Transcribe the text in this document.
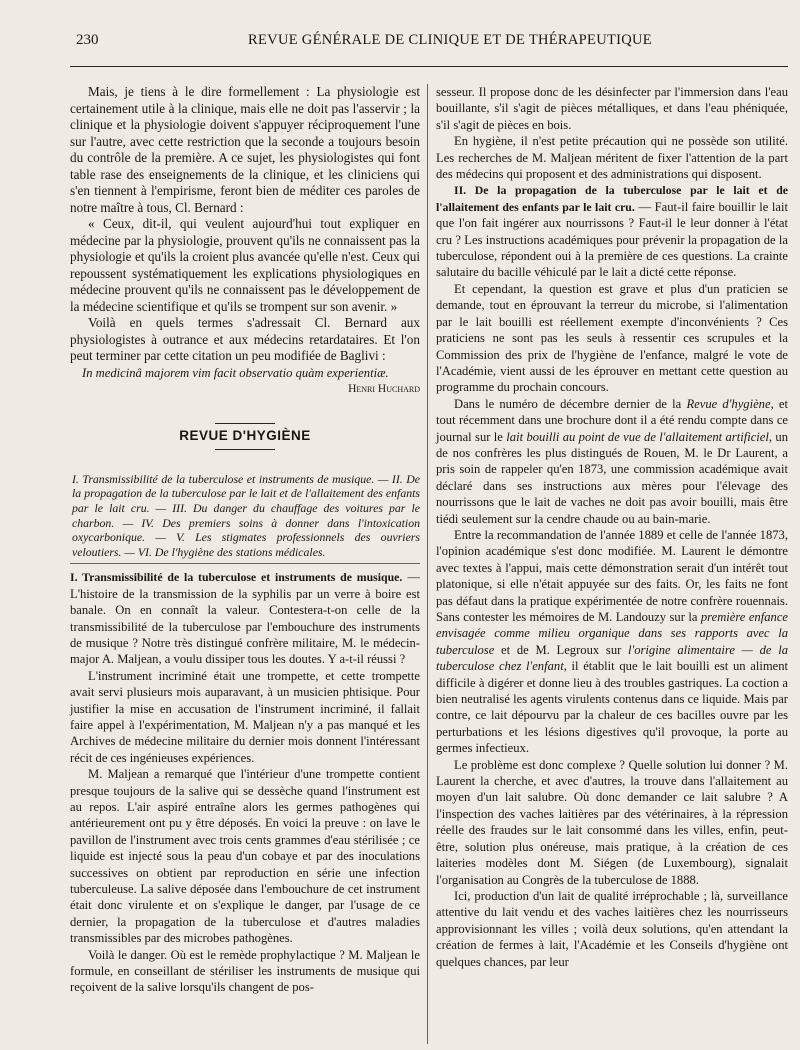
230	REVUE GÉNÉRALE DE CLINIQUE ET DE THÉRAPEUTIQUE

Mais, je tiens à le dire formellement : La physiologie est certainement utile à la clinique, mais elle ne doit pas l'asservir ; la clinique et la physiologie doivent s'appuyer réciproquement l'une sur l'autre, avec cette restriction que la seconde a toujours besoin du contrôle de la première. A ce sujet, les physiologistes qui font table rase des enseignements de la clinique, et les cliniciens qui s'en tiennent à l'empirisme, feront bien de méditer ces paroles de notre maître à tous, Cl. Bernard :

« Ceux, dit-il, qui veulent aujourd'hui tout expliquer en médecine par la physiologie, prouvent qu'ils ne connaissent pas la physiologie et qu'ils la croient plus avancée qu'elle n'est. Ceux qui repoussent systématiquement les explications physiologiques en médecine prouvent qu'ils ne connaissent pas le développement de la médecine scientifique et qu'ils se trompent sur son avenir. »

Voilà en quels termes s'adressait Cl. Bernard aux physiologistes à outrance et aux médecins retardataires. Et l'on peut terminer par cette citation un peu modifiée de Baglivi :

In medicinâ majorem vim facit observatio quàm experientiæ.

Henri Huchard

REVUE D'HYGIÈNE

I. Transmissibilité de la tuberculose et instruments de musique. — II. De la propagation de la tuberculose par le lait et de l'allaitement des enfants par le lait cru. — III. Du danger du chauffage des voitures par le charbon. — IV. Des premiers soins à donner dans l'intoxication oxycarbonique. — V. Les stigmates professionnels des ouvriers veloutiers. — VI. De l'hygiène des stations médicales.

I. Transmissibilité de la tuberculose et instruments de musique. — L'histoire de la transmission de la syphilis par un verre à boire est banale. On en connaît la valeur. Contestera-t-on celle de la transmissibilité de la tuberculose par l'embouchure des instruments de musique ? Notre très distingué confrère militaire, M. le médecin-major A. Maljean, a voulu dissiper tous les doutes. Y a-t-il réussi ?

L'instrument incriminé était une trompette, et cette trompette avait servi plusieurs mois auparavant, à un musicien phtisique. Pour justifier la mise en accusation de l'instrument incriminé, il fallait faire appel à l'expérimentation, M. Maljean n'y a pas manqué et les Archives de médecine militaire du dernier mois donnent l'intéressant récit de ces ingénieuses expériences.

M. Maljean a remarqué que l'intérieur d'une trompette contient presque toujours de la salive qui se dessèche quand l'instrument est au repos. L'air aspiré entraîne alors les germes pathogènes qui antérieurement ont pu y être déposés. En voici la preuve : on lave le pavillon de l'instrument avec trois cents grammes d'eau stérilisée ; ce liquide est injecté sous la peau d'un cobaye et par des inoculations successives on obtient par reproduction en série une infection tuberculeuse. La salive déposée dans l'embouchure de cet instrument était donc virulente et on s'explique le danger, par l'usage de ce dernier, la propagation de la tuberculose et d'autres maladies transmissibles par des microbes pathogènes.

Voilà le danger. Où est le remède prophylactique ? M. Maljean le formule, en conseillant de stériliser les instruments de musique qui reçoivent de la salive lorsqu'ils changent de pos-

sesseur. Il propose donc de les désinfecter par l'immersion dans l'eau bouillante, s'il s'agit de pièces métalliques, et dans l'eau phéniquée, s'il s'agit de pièces en bois.

En hygiène, il n'est petite précaution qui ne possède son utilité. Les recherches de M. Maljean méritent de fixer l'attention de la part des médecins qui proposent et des administrations qui disposent.

II. De la propagation de la tuberculose par le lait et de l'allaitement des enfants par le lait cru. — Faut-il faire bouillir le lait que l'on fait ingérer aux nourrissons ? Faut-il le leur donner à l'état cru ? Les instructions académiques pour prévenir la propagation de la tuberculose, répondent oui à la première de ces questions. La crainte salutaire du bacille véhiculé par le lait a dicté cette réponse.

Et cependant, la question est grave et plus d'un praticien se demande, tout en éprouvant la terreur du microbe, si l'alimentation par le lait bouilli est réellement exempte d'inconvénients ? Ces praticiens ne sont pas les seuls à ressentir ces scrupules et la Commission des prix de l'hygiène de l'enfance, malgré le vote de l'Académie, vient aussi de les éprouver en mettant cette question au programme du prochain concours.

Dans le numéro de décembre dernier de la Revue d'hygiène, et tout récemment dans une brochure dont il a été rendu compte dans ce journal sur le lait bouilli au point de vue de l'allaitement artificiel, un de nos confrères les plus distingués de Rouen, M. le Dr Laurent, a pris soin de rappeler qu'en 1873, une commission académique avait déclaré dans ses instructions aux mères pour l'élevage des nourrissons que le lait de vaches ne doit pas avoir bouilli, mais être tiédi seulement sur la cendre chaude ou au bain-marie.

Entre la recommandation de l'année 1889 et celle de l'année 1873, l'opinion académique s'est donc modifiée. M. Laurent le démontre avec textes à l'appui, mais cette démonstration serait d'un intérêt tout platonique, si elle n'était appuyée sur des faits. Or, les faits ne font pas défaut dans la pratique expérimentée de notre confrère rouennais. Sans contester les mémoires de M. Landouzy sur la première enfance envisagée comme milieu organique dans ses rapports avec la tuberculose et de M. Legroux sur l'origine alimentaire — de la tuberculose chez l'enfant, il établit que le lait bouilli est un aliment difficile à digérer et donne lieu à des troubles gastriques. La coction a bien neutralisé les agents virulents contenus dans ce liquide. Mais par contre, ce lait dépourvu par la chaleur de ces bacilles ouvre par les perturbations et les lésions digestives qu'il provoque, la porte au germes infectieux.

Le problème est donc complexe ? Quelle solution lui donner ? M. Laurent la cherche, et avec d'autres, la trouve dans l'allaitement au moyen d'un lait salubre. Où donc demander ce lait salubre ? A l'inspection des vaches laitières par des vétérinaires, à la répression réelle des fraudes sur le lait consommé dans les villes, enfin, peut-être, solution plus onéreuse, mais pratique, à la création de ces laiteries modèles dont M. Siégen (de Luxembourg), signalait l'organisation au Congrès de la tuberculose de 1888.

Ici, production d'un lait de qualité irréprochable ; là, surveillance attentive du lait vendu et des vaches laitières chez les nourrisseurs approvisionnant les villes ; voilà deux solutions, qu'en attendant la création de fermes à lait, l'Académie et les Conseils d'hygiène ont quelques chances, par leur
